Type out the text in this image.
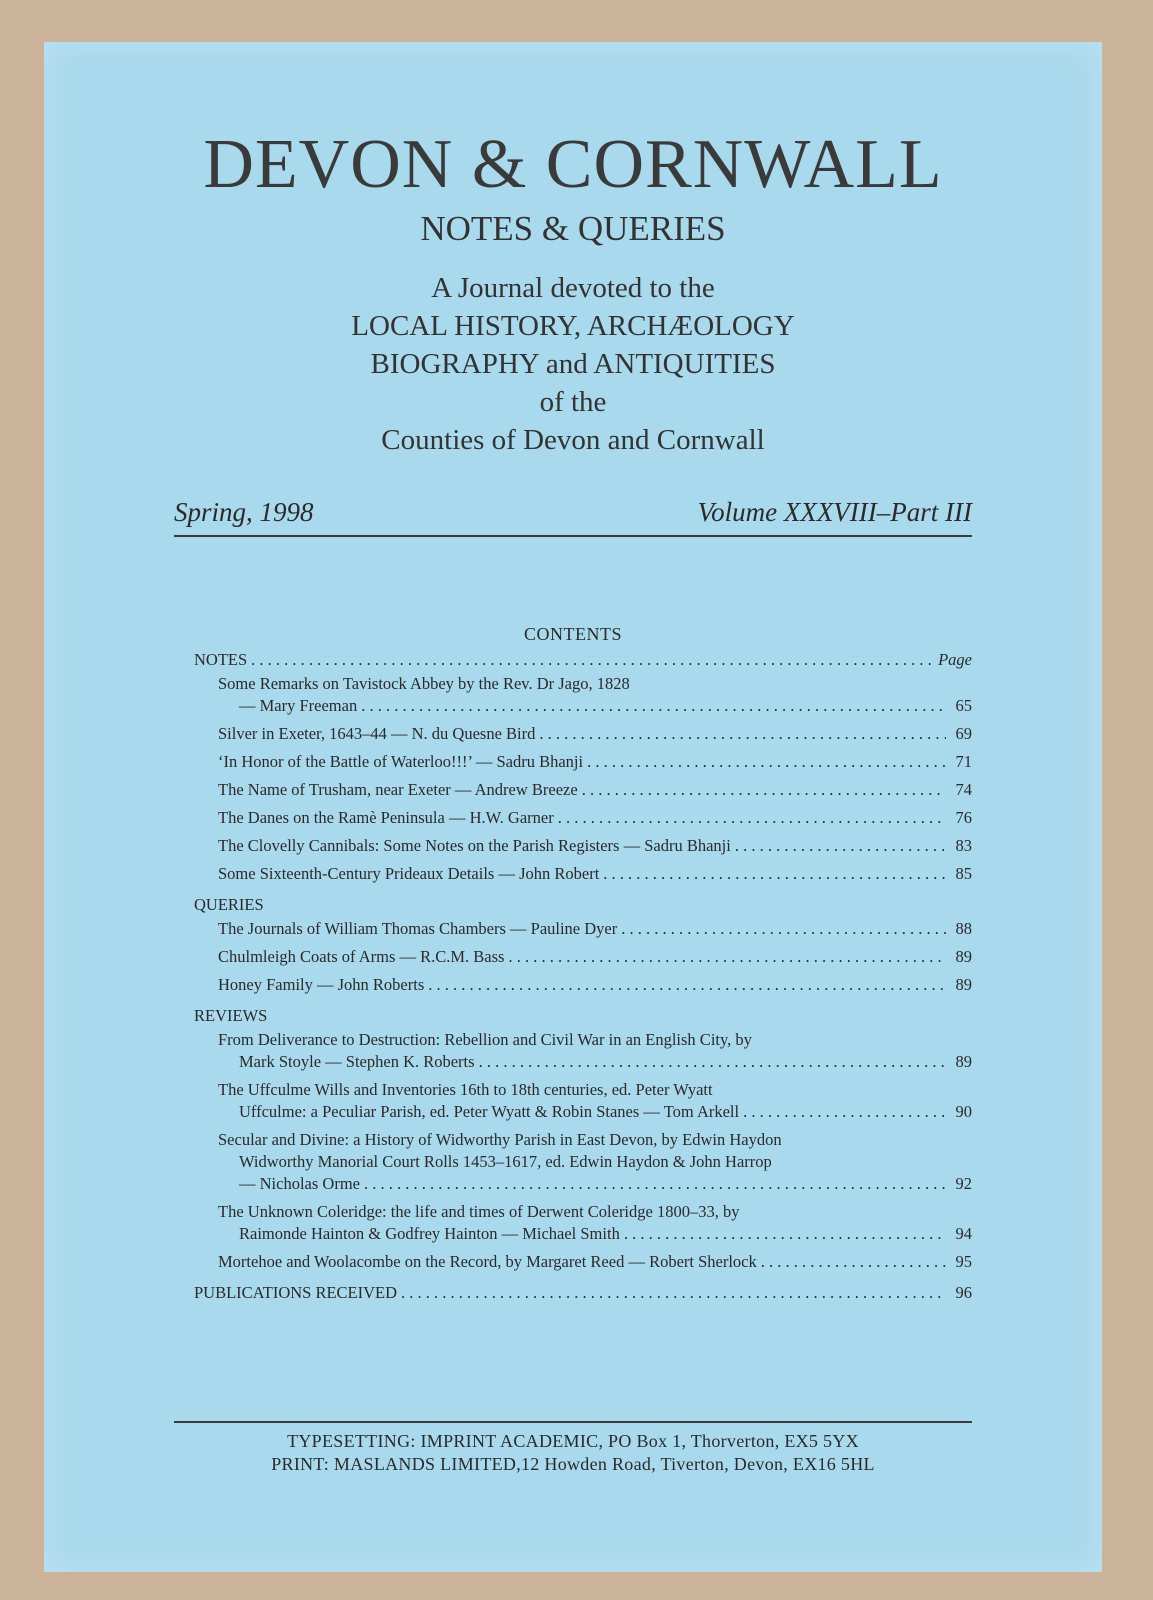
DEVON & CORNWALL
NOTES & QUERIES
A Journal devoted to the
LOCAL HISTORY, ARCHÆOLOGY
BIOGRAPHY and ANTIQUITIES
of the
Counties of Devon and Cornwall
Spring, 1998	Volume XXXVIII–Part III
CONTENTS
NOTES . . .	Page
Some Remarks on Tavistock Abbey by the Rev. Dr Jago, 1828
— Mary Freeman . . .	65
Silver in Exeter, 1643–44 — N. du Quesne Bird . . .	69
‘In Honor of the Battle of Waterloo!!!’ — Sadru Bhanji . . .	71
The Name of Trusham, near Exeter — Andrew Breeze . . .	74
The Danes on the Ramè Peninsula — H.W. Garner . . .	76
The Clovelly Cannibals: Some Notes on the Parish Registers — Sadru Bhanji . . .	83
Some Sixteenth-Century Prideaux Details — John Robert . . .	85
QUERIES
The Journals of William Thomas Chambers — Pauline Dyer . . .	88
Chulmleigh Coats of Arms — R.C.M. Bass . . .	89
Honey Family — John Roberts . . .	89
REVIEWS
From Deliverance to Destruction: Rebellion and Civil War in an English City, by
Mark Stoyle — Stephen K. Roberts . . .	89
The Uffculme Wills and Inventories 16th to 18th centuries, ed. Peter Wyatt
Uffculme: a Peculiar Parish, ed. Peter Wyatt & Robin Stanes — Tom Arkell . . .	90
Secular and Divine: a History of Widworthy Parish in East Devon, by Edwin Haydon
Widworthy Manorial Court Rolls 1453–1617, ed. Edwin Haydon & John Harrop
— Nicholas Orme . . .	92
The Unknown Coleridge: the life and times of Derwent Coleridge 1800–33, by
Raimonde Hainton & Godfrey Hainton — Michael Smith . . .	94
Mortehoe and Woolacombe on the Record, by Margaret Reed — Robert Sherlock . . .	95
PUBLICATIONS RECEIVED . . .	96
TYPESETTING: IMPRINT ACADEMIC, PO Box 1, Thorverton, EX5 5YX
PRINT: MASLANDS LIMITED,12 Howden Road, Tiverton, Devon, EX16 5HL
